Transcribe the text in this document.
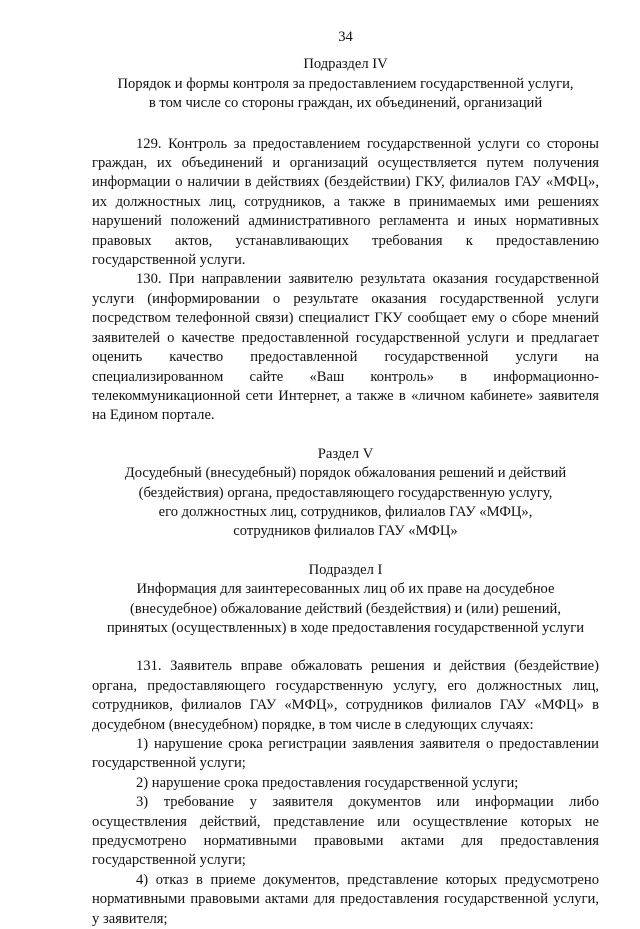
34

Подраздел IV

Порядок и формы контроля за предоставлением государственной услуги,

в том числе со стороны граждан, их объединений, организаций

129. Контроль за предоставлением государственной услуги со стороны граждан, их объединений и организаций осуществляется путем получения информации о наличии в действиях (бездействии) ГКУ, филиалов ГАУ «МФЦ», их должностных лиц, сотрудников, а также в принимаемых ими решениях нарушений положений административного регламента и иных нормативных правовых актов, устанавливающих требования к предоставлению государственной услуги.

130. При направлении заявителю результата оказания государственной услуги (информировании о результате оказания государственной услуги посредством телефонной связи) специалист ГКУ сообщает ему о сборе мнений заявителей о качестве предоставленной государственной услуги и предлагает оценить качество предоставленной государственной услуги на специализированном сайте «Ваш контроль» в информационно-телекоммуникационной сети Интернет, а также в «личном кабинете» заявителя на Едином портале.

Раздел V

Досудебный (внесудебный) порядок обжалования решений и действий

(бездействия) органа, предоставляющего государственную услугу,

его должностных лиц, сотрудников, филиалов ГАУ «МФЦ»,

сотрудников филиалов ГАУ «МФЦ»

Подраздел I

Информация для заинтересованных лиц об их праве на досудебное

(внесудебное) обжалование действий (бездействия) и (или) решений,

принятых (осуществленных) в ходе предоставления государственной услуги

131. Заявитель вправе обжаловать решения и действия (бездействие) органа, предоставляющего государственную услугу, его должностных лиц, сотрудников, филиалов ГАУ «МФЦ», сотрудников филиалов ГАУ «МФЦ» в досудебном (внесудебном) порядке, в том числе в следующих случаях:

1) нарушение срока регистрации заявления заявителя о предоставлении государственной услуги;

2) нарушение срока предоставления государственной услуги;

3) требование у заявителя документов или информации либо осуществления действий, представление или осуществление которых не предусмотрено нормативными правовыми актами для предоставления государственной услуги;

4) отказ в приеме документов, представление которых предусмотрено нормативными правовыми актами для предоставления государственной услуги, у заявителя;
